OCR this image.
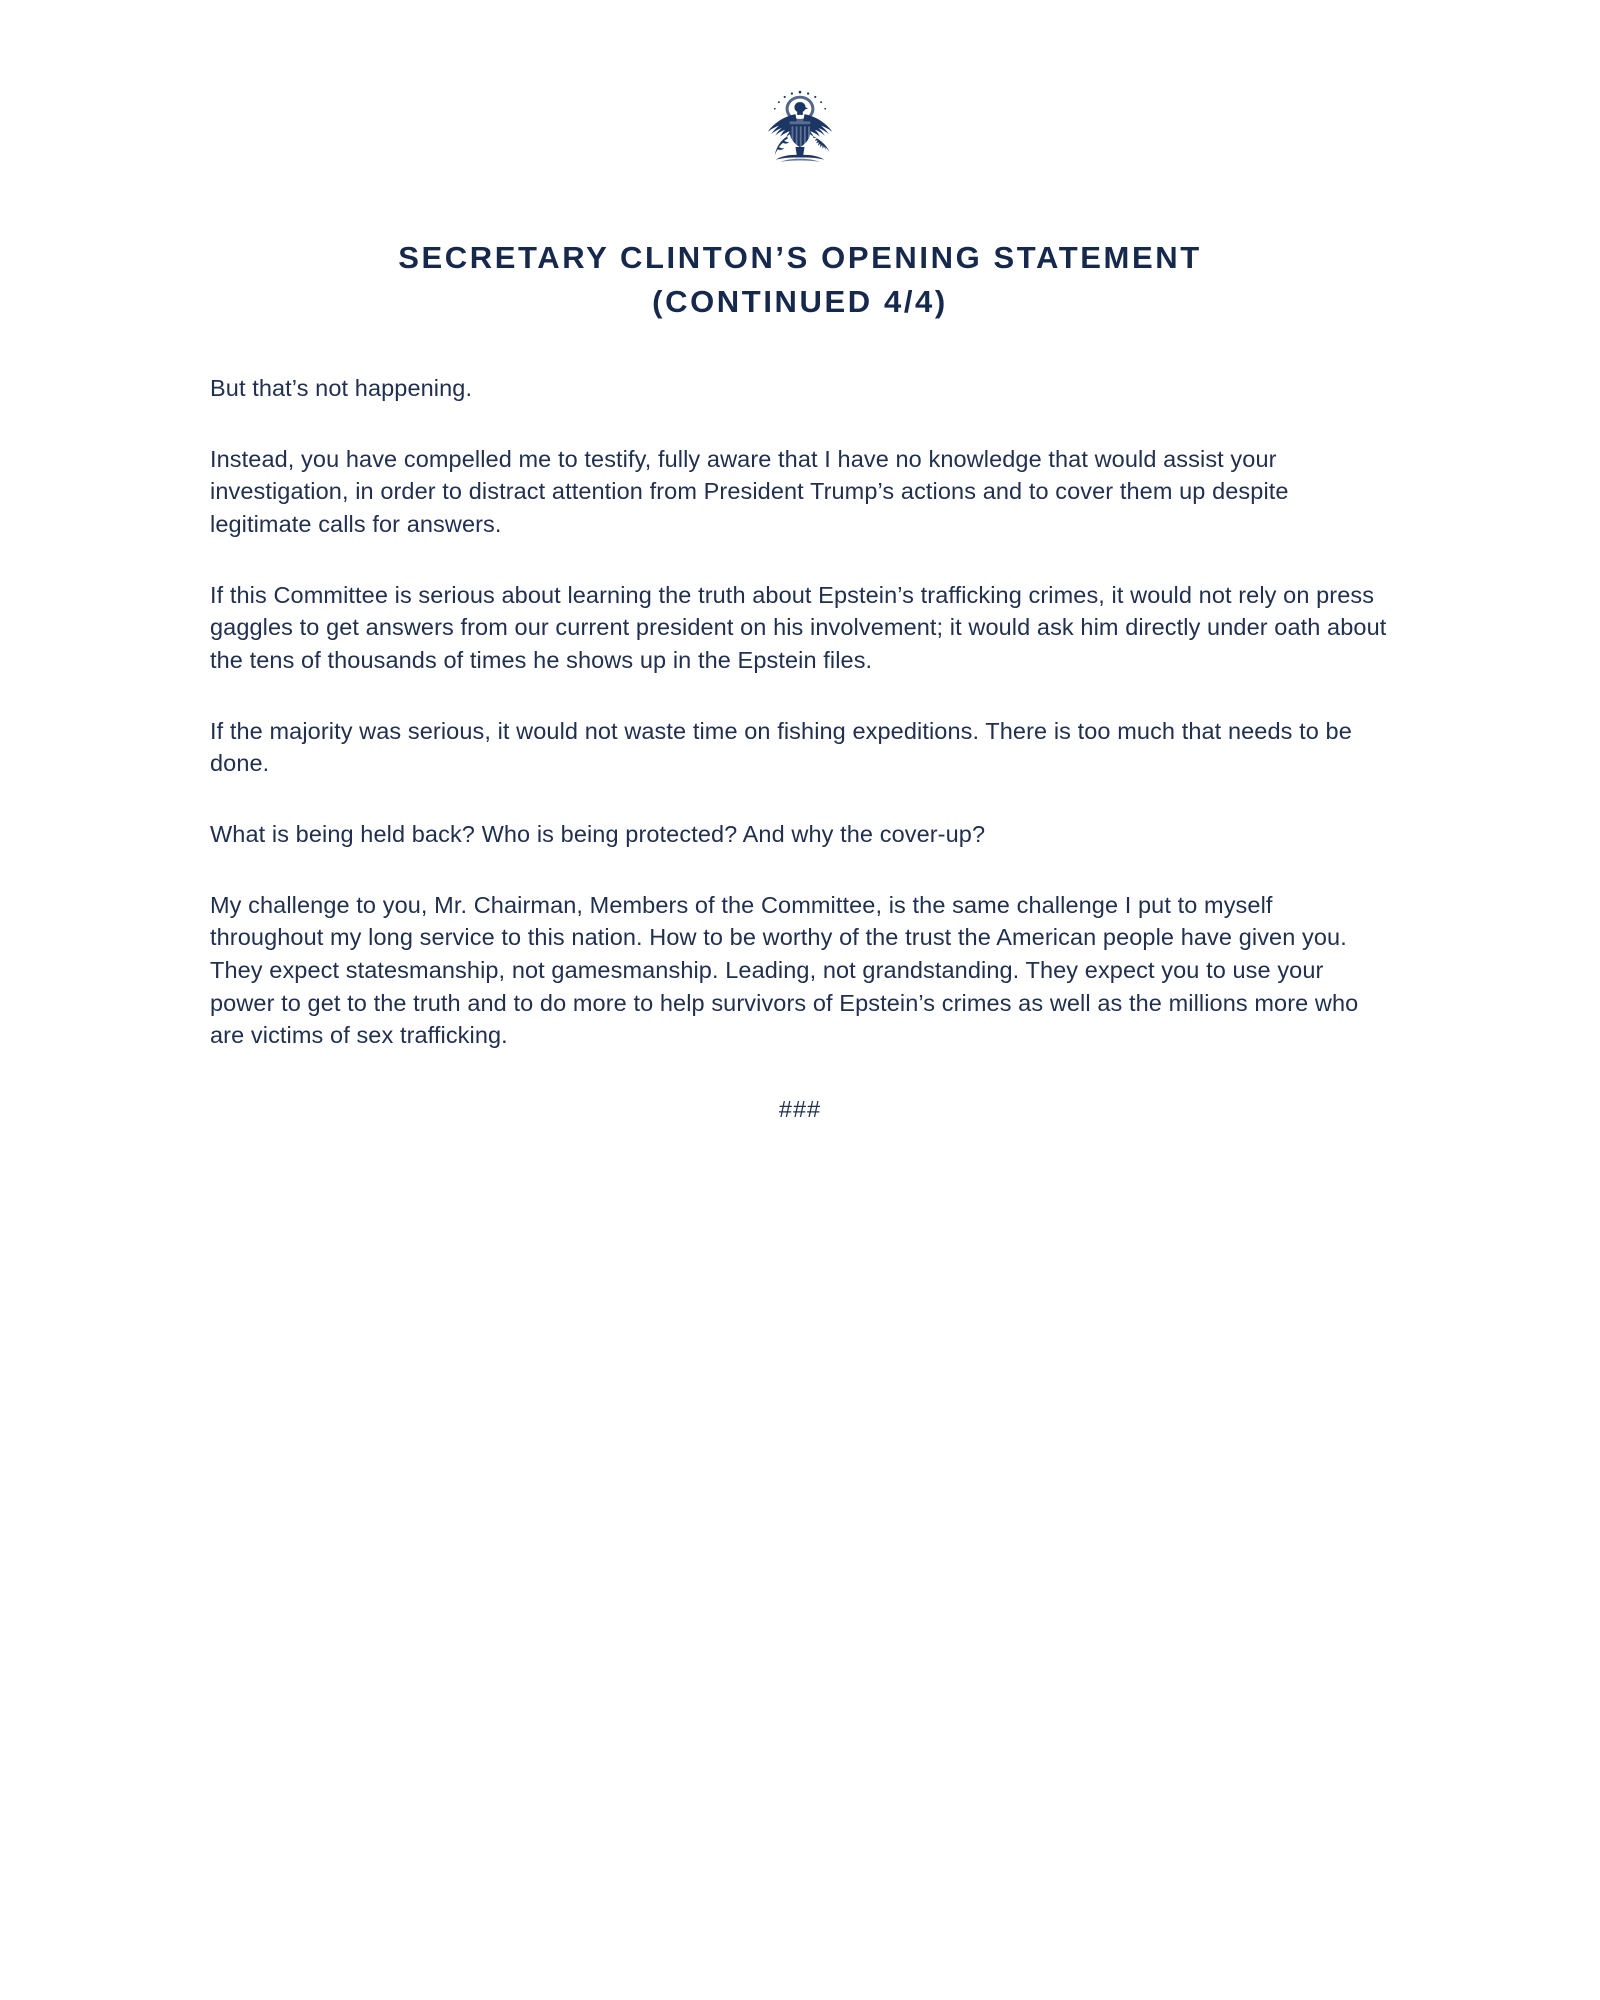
SECRETARY CLINTON’S OPENING STATEMENT
(CONTINUED 4/4)

But that’s not happening.

Instead, you have compelled me to testify, fully aware that I have no knowledge that would assist your investigation, in order to distract attention from President Trump’s actions and to cover them up despite legitimate calls for answers.

If this Committee is serious about learning the truth about Epstein’s trafficking crimes, it would not rely on press gaggles to get answers from our current president on his involvement; it would ask him directly under oath about the tens of thousands of times he shows up in the Epstein files.

If the majority was serious, it would not waste time on fishing expeditions. There is too much that needs to be done.

What is being held back? Who is being protected? And why the cover-up?

My challenge to you, Mr. Chairman, Members of the Committee, is the same challenge I put to myself throughout my long service to this nation. How to be worthy of the trust the American people have given you. They expect statesmanship, not gamesmanship. Leading, not grandstanding. They expect you to use your power to get to the truth and to do more to help survivors of Epstein’s crimes as well as the millions more who are victims of sex trafficking.

###
